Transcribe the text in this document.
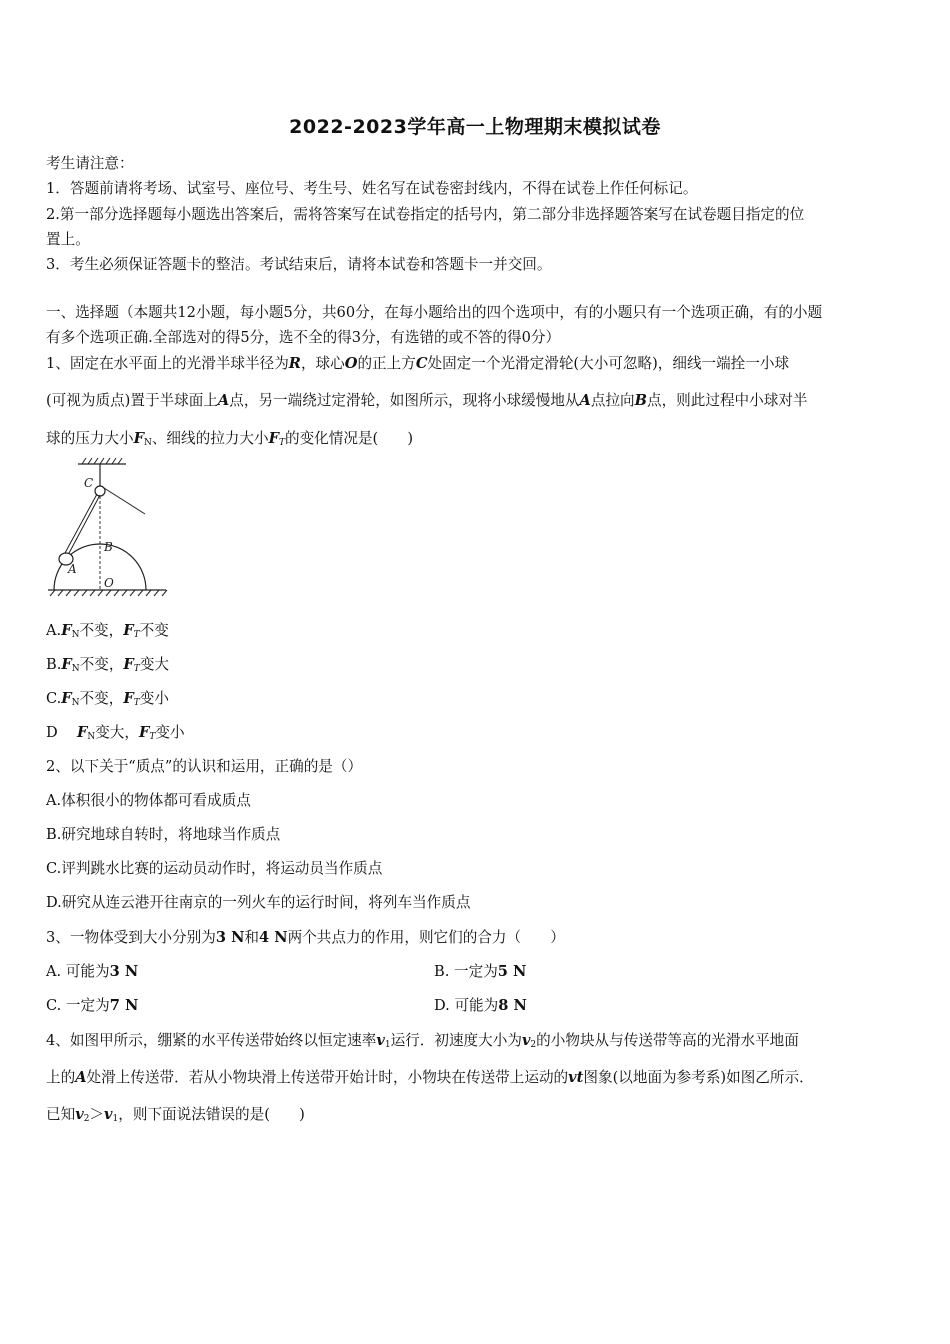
2022-2023学年高一上物理期末模拟试卷
考生请注意：
1．答题前请将考场、试室号、座位号、考生号、姓名写在试卷密封线内，不得在试卷上作任何标记。
2.第一部分选择题每小题选出答案后，需将答案写在试卷指定的括号内，第二部分非选择题答案写在试卷题目指定的位
置上。
3．考生必须保证答题卡的整洁。考试结束后，请将本试卷和答题卡一并交回。
一、选择题（本题共12小题，每小题5分，共60分，在每小题给出的四个选项中，有的小题只有一个选项正确，有的小题
有多个选项正确.全部选对的得5分，选不全的得3分，有选错的或不答的得0分）
1、固定在水平面上的光滑半球半径为R，球心O的正上方C处固定一个光滑定滑轮(大小可忽略)，细线一端拴一小球
(可视为质点)置于半球面上A点，另一端绕过定滑轮，如图所示，现将小球缓慢地从A点拉向B点，则此过程中小球对半
球的压力大小$F_N$、细线的拉力大小$F_T$的变化情况是(　　)
C
B
A
O
$A.F_N$不变，$F_T$不变
$B.F_N$不变，$F_T$变大
$C.F_N$不变，$F_T$变小
D　 $F_N$变大，$F_T$变小
2、以下关于“质点”的认识和运用，正确的是（）
A.体积很小的物体都可看成质点
B.研究地球自转时，将地球当作质点
C.评判跳水比赛的运动员动作时，将运动员当作质点
D.研究从连云港开往南京的一列火车的运行时间，将列车当作质点
3、一物体受到大小分别为3 N和4 N两个共点力的作用，则它们的合力（　　）
A. 可能为3 N	B. 一定为5 N
C. 一定为7 N	D. 可能为8 N
4、如图甲所示，绷紧的水平传送带始终以恒定速率$v_1$运行．初速度大小为$v_2$的小物块从与传送带等高的光滑水平地面
上的A处滑上传送带．若从小物块滑上传送带开始计时，小物块在传送带上运动的vt图象(以地面为参考系)如图乙所示．
已知$v_2>v_1$，则下面说法错误的是(　　)
